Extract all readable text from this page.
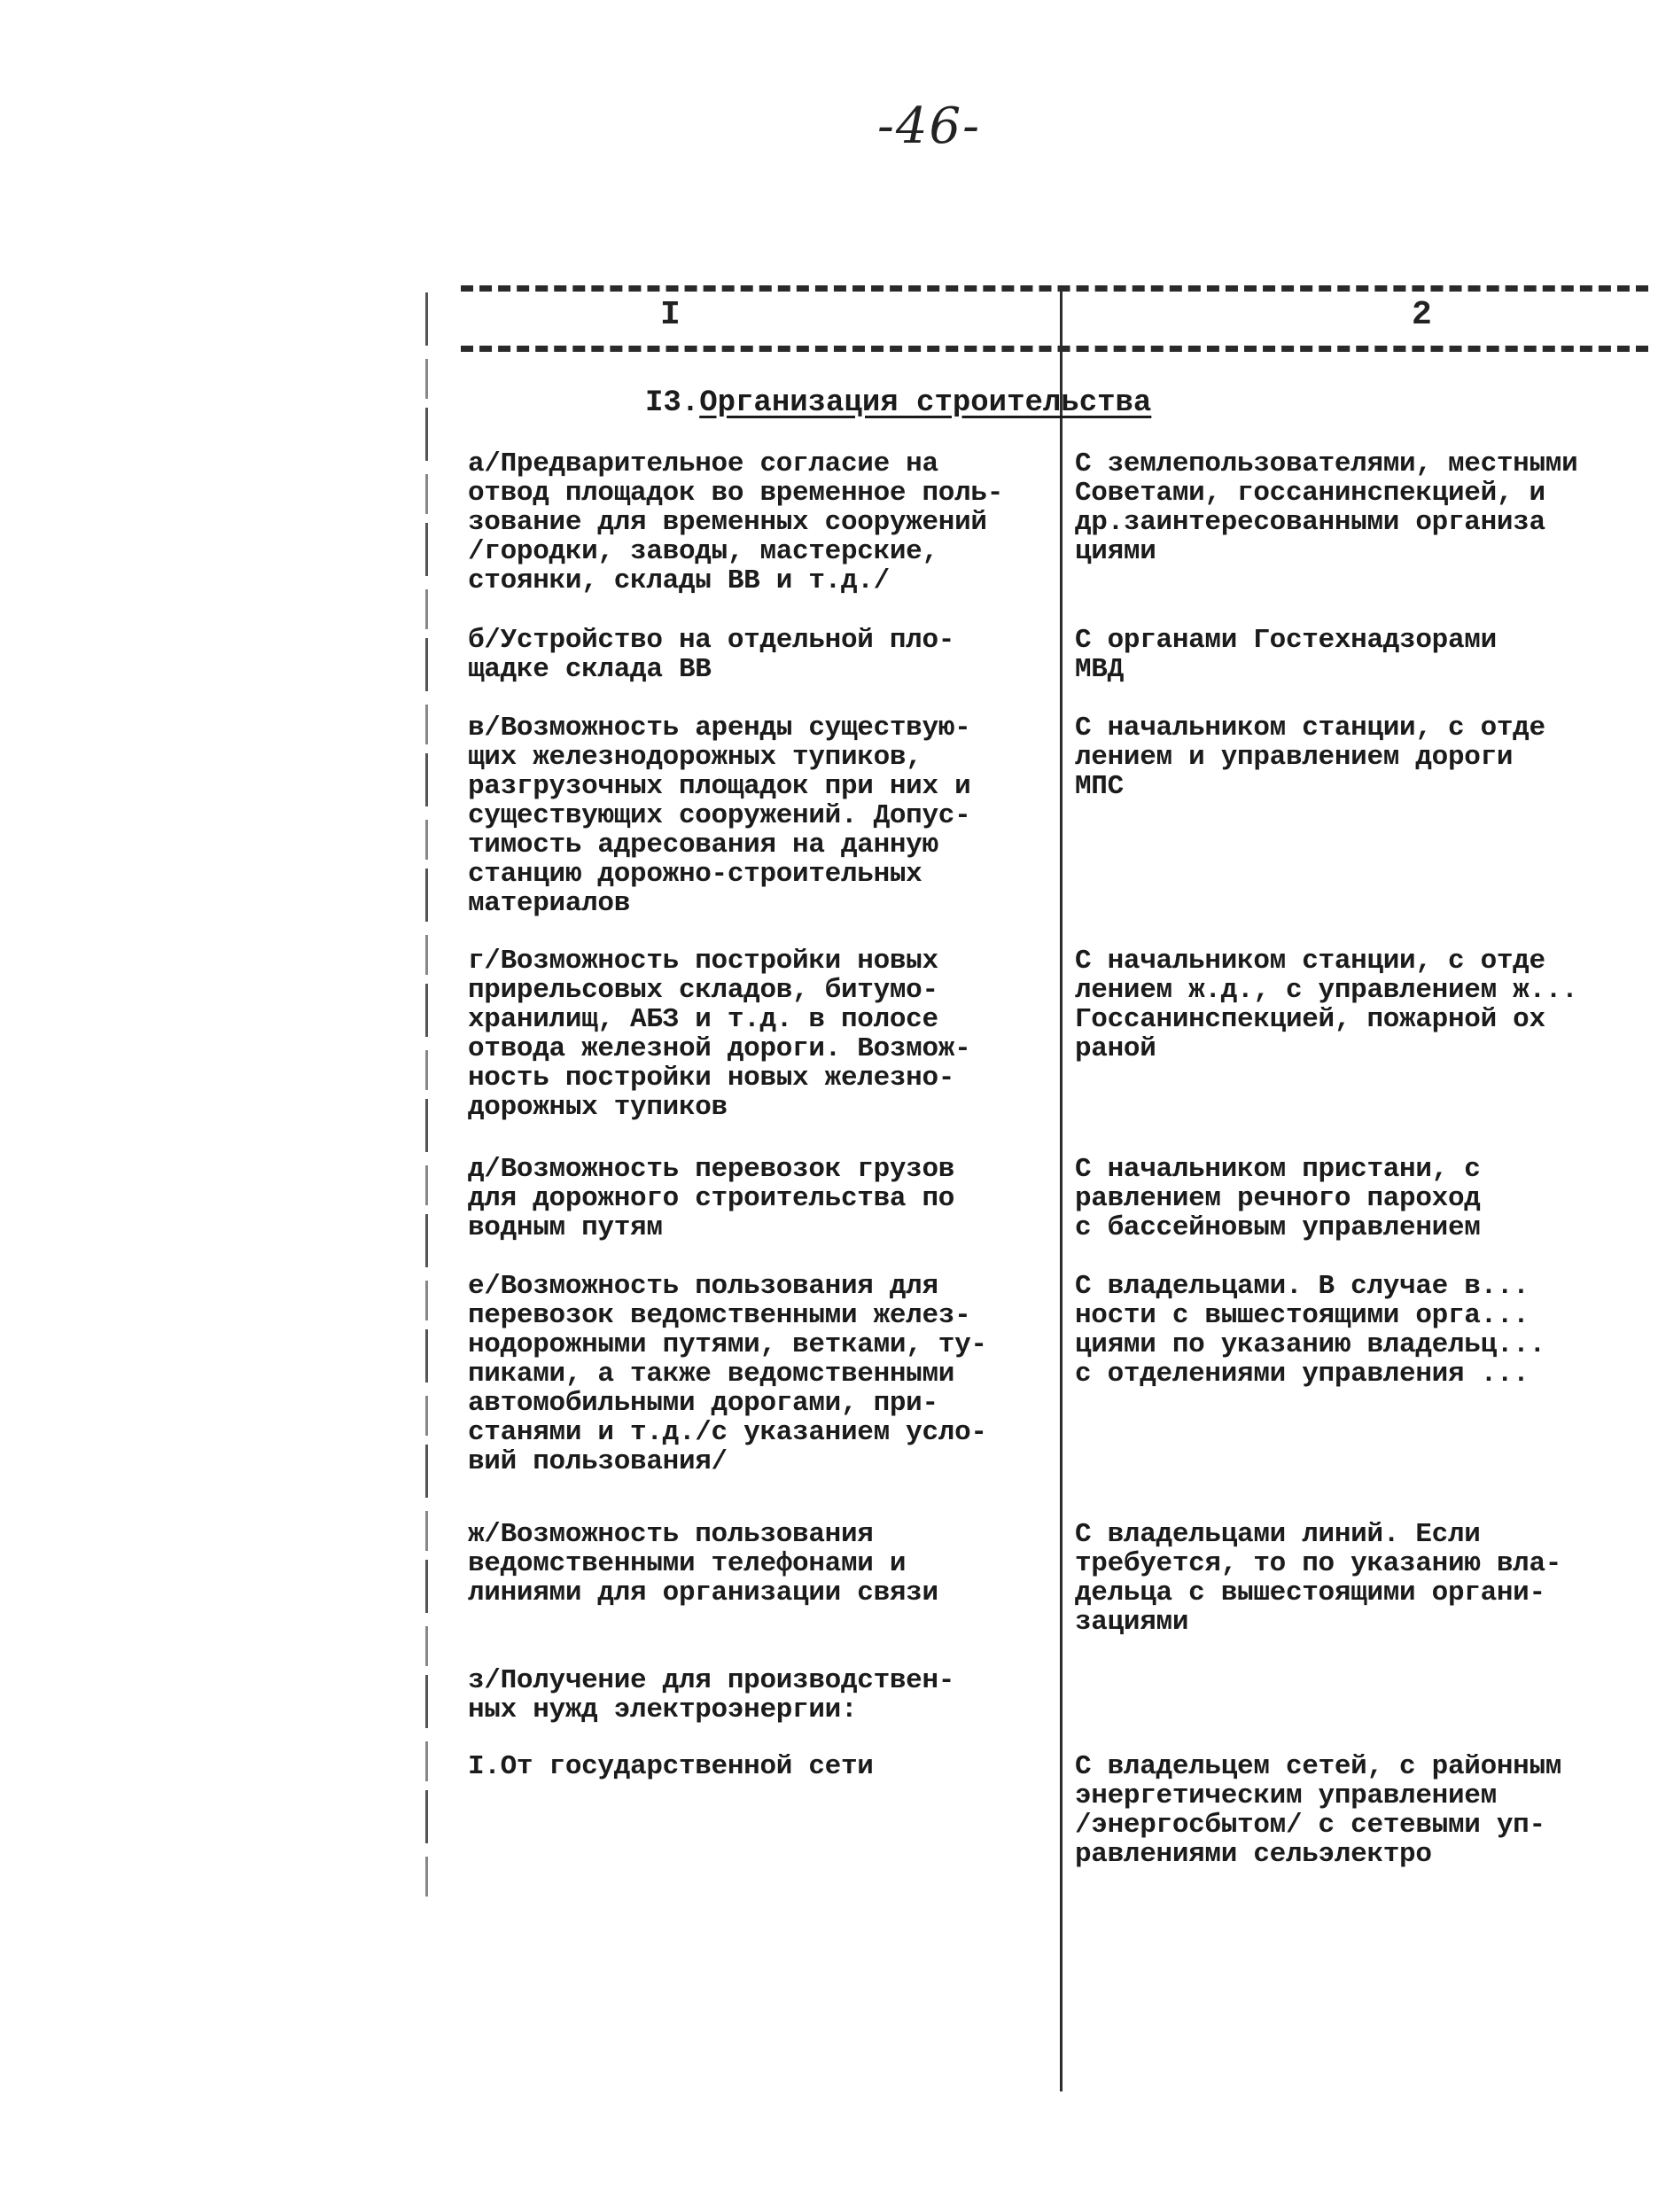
-46-
I	2
I3.Организация строительства
а/Предварительное согласие на
отвод площадок во временное поль-
зование для временных сооружений
/городки, заводы, мастерские,
стоянки, склады ВВ и т.д./
С землепользователями, местными
Советами, госсанинспекцией, и
др.заинтересованными организа
циями
б/Устройство на отдельной пло-
щадке склада ВВ
С органами Гостехнадзорами
МВД
в/Возможность аренды существую-
щих железнодорожных тупиков,
разгрузочных площадок при них и
существующих сооружений. Допус-
тимость адресования на данную
станцию дорожно-строительных
материалов
С начальником станции, с отде
лением и управлением дороги
МПС
г/Возможность постройки новых
прирельсовых складов, битумо-
хранилищ, АБЗ и т.д. в полосе
отвода железной дороги. Возмож-
ность постройки новых железно-
дорожных тупиков
С начальником станции, с отде
лением ж.д., с управлением ж...
Госсанинспекцией, пожарной ох
раной
д/Возможность перевозок грузов
для дорожного строительства по
водным путям
С начальником пристани, с
равлением речного пароход
с бассейновым управлением
е/Возможность пользования для
перевозок ведомственными желез-
нодорожными путями, ветками, ту-
пиками, а также ведомственными
автомобильными дорогами, при-
станями и т.д./с указанием усло-
вий пользования/
С владельцами. В случае в...
ности с вышестоящими орга...
циями по указанию владельц...
с отделениями управления ...
ж/Возможность пользования
ведомственными телефонами и
линиями для организации связи
С владельцами линий. Если
требуется, то по указанию вла-
дельца с вышестоящими органи-
зациями
з/Получение для производствен-
ных нужд электроэнергии:
I.От государственной сети	С владельцем сетей, с районным
энергетическим управлением
/энергосбытом/ с сетевыми уп-
равлениями сельэлектро
